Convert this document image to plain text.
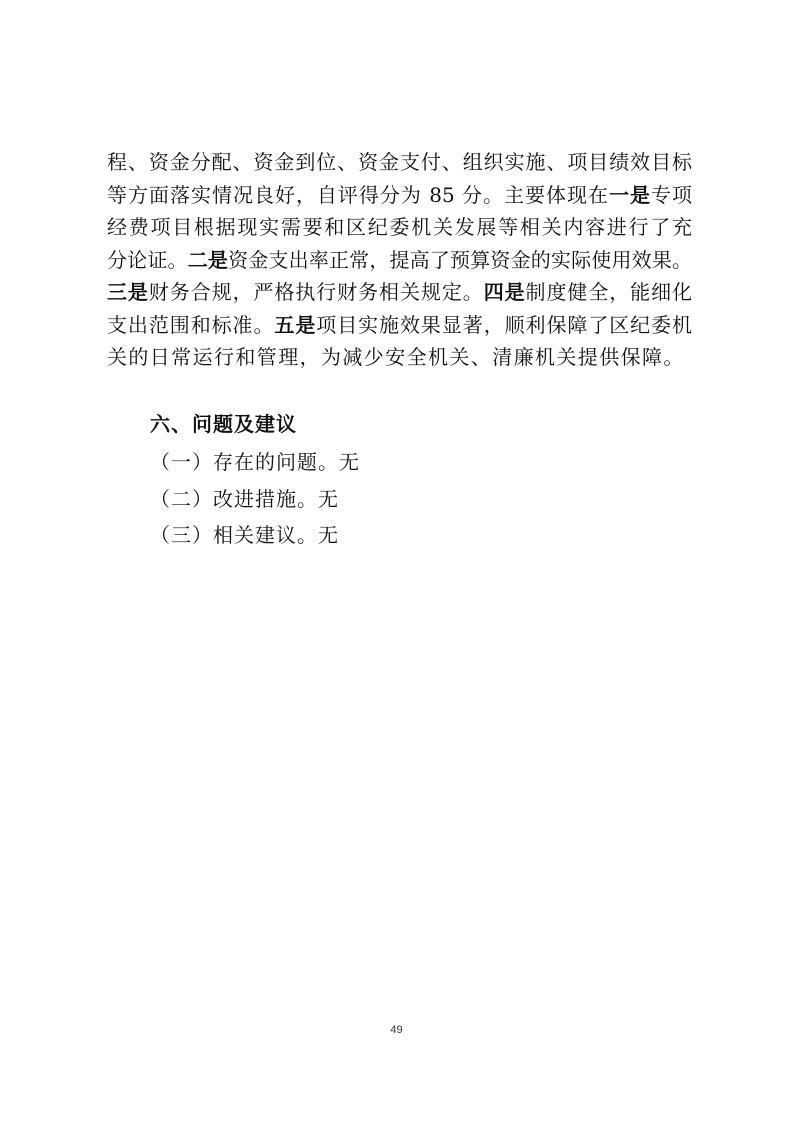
程、资金分配、资金到位、资金支付、组织实施、项目绩效目标
等方面落实情况良好，自评得分为 85 分。主要体现在一是专项
经费项目根据现实需要和区纪委机关发展等相关内容进行了充
分论证。二是资金支出率正常，提高了预算资金的实际使用效果。
三是财务合规，严格执行财务相关规定。四是制度健全，能细化
支出范围和标准。五是项目实施效果显著，顺利保障了区纪委机
关的日常运行和管理，为减少安全机关、清廉机关提供保障。
六、问题及建议
（一）存在的问题。无
（二）改进措施。无
（三）相关建议。无
49
